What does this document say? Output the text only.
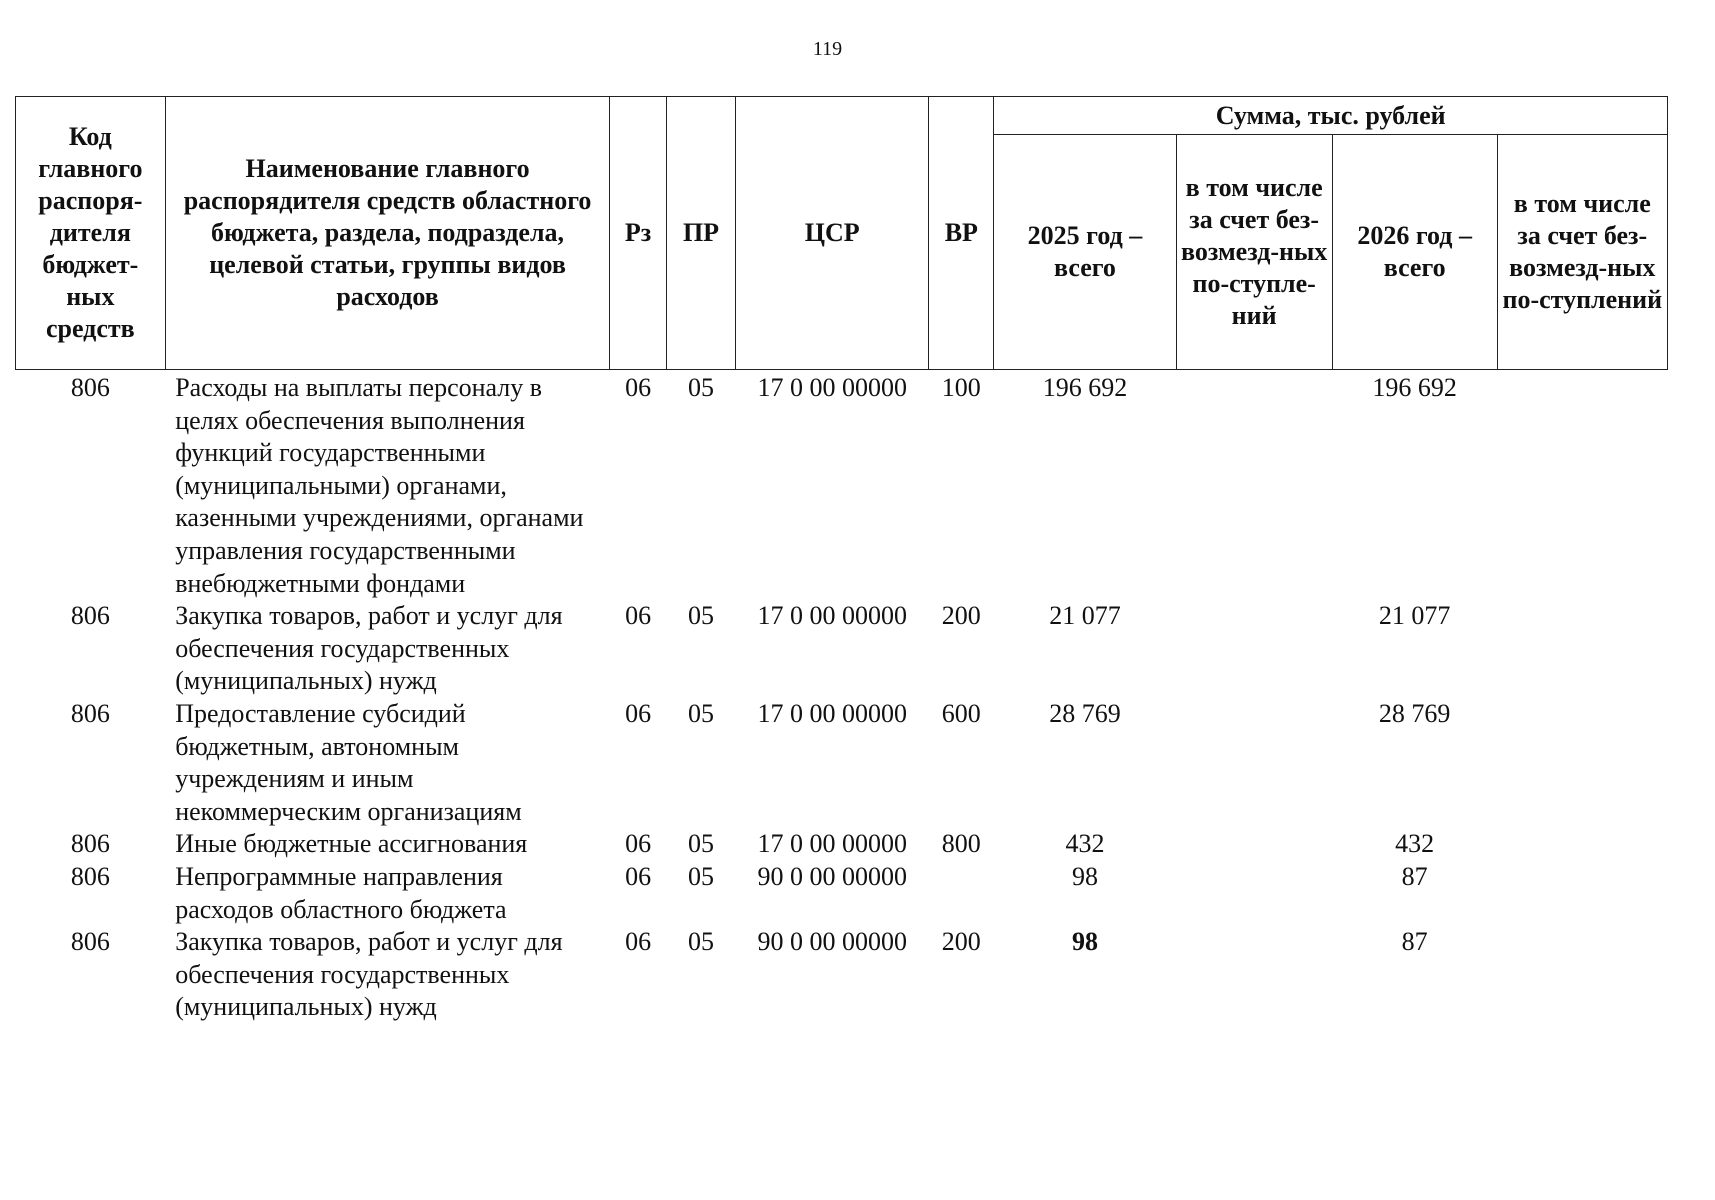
119
Код главного распоря-дителя бюджет-ных средств	Наименование главного распорядителя средств областного бюджета, раздела, подраздела, целевой статьи, группы видов расходов	Рз	ПР	ЦСР	ВР	Сумма, тыс. рублей			
						2025 год – всего	в том числе за счет без-возмезд-ных по-ступле-ний	2026 год – всего	в том числе за счет без-возмезд-ных по-ступлений
806	Расходы на выплаты персоналу в целях обеспечения выполнения функций государственными (муниципальными) органами, казенными учреждениями, органами управления государственными внебюджетными фондами	06	05	17 0 00 00000	100	196 692		196 692	
806	Закупка товаров, работ и услуг для обеспечения государственных (муниципальных) нужд	06	05	17 0 00 00000	200	21 077		21 077	
806	Предоставление субсидий бюджетным, автономным учреждениям и иным некоммерческим организациям	06	05	17 0 00 00000	600	28 769		28 769	
806	Иные бюджетные ассигнования	06	05	17 0 00 00000	800	432		432	
806	Непрограммные направления расходов областного бюджета	06	05	90 0 00 00000		98		87	
806	Закупка товаров, работ и услуг для обеспечения государственных (муниципальных) нужд	06	05	90 0 00 00000	200	98		87	
